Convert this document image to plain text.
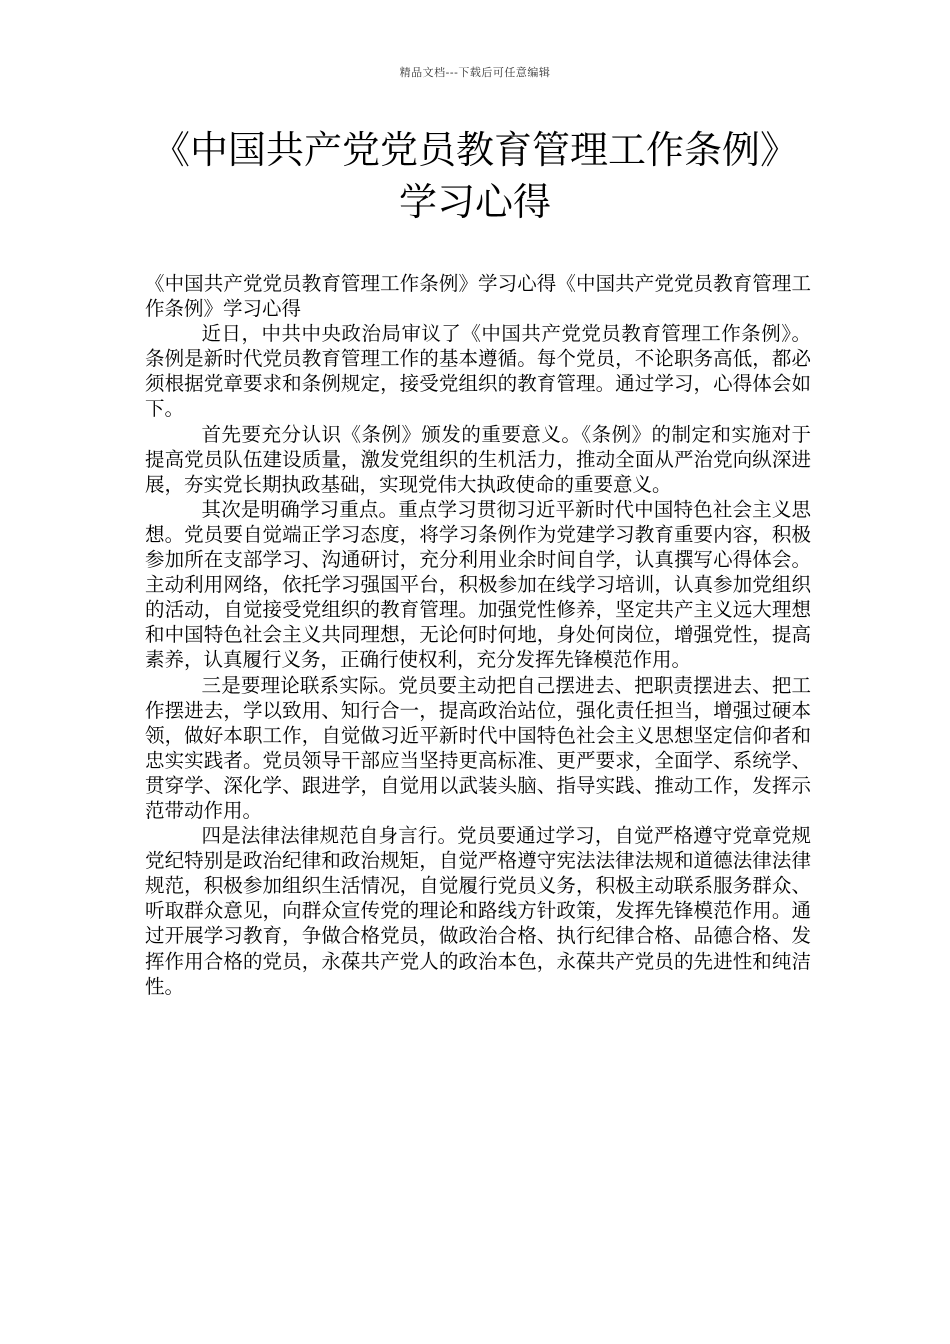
精品文档---下载后可任意编辑
《中国共产党党员教育管理工作条例》
学习心得

《中国共产党党员教育管理工作条例》学习心得《中国共产党党员教育管理工作条例》学习心得

近日，中共中央政治局审议了《中国共产党党员教育管理工作条例》。条例是新时代党员教育管理工作的基本遵循。每个党员，不论职务高低，都必须根据党章要求和条例规定，接受党组织的教育管理。通过学习，心得体会如下。

首先要充分认识《条例》颁发的重要意义。《条例》的制定和实施对于提高党员队伍建设质量，激发党组织的生机活力，推动全面从严治党向纵深进展，夯实党长期执政基础，实现党伟大执政使命的重要意义。

其次是明确学习重点。重点学习贯彻习近平新时代中国特色社会主义思想。党员要自觉端正学习态度，将学习条例作为党建学习教育重要内容，积极参加所在支部学习、沟通研讨，充分利用业余时间自学，认真撰写心得体会。主动利用网络，依托学习强国平台，积极参加在线学习培训，认真参加党组织的活动，自觉接受党组织的教育管理。加强党性修养，坚定共产主义远大理想和中国特色社会主义共同理想，无论何时何地，身处何岗位，增强党性，提高素养，认真履行义务，正确行使权利，充分发挥先锋模范作用。

三是要理论联系实际。党员要主动把自己摆进去、把职责摆进去、把工作摆进去，学以致用、知行合一，提高政治站位，强化责任担当，增强过硬本领，做好本职工作，自觉做习近平新时代中国特色社会主义思想坚定信仰者和忠实实践者。党员领导干部应当坚持更高标准、更严要求，全面学、系统学、贯穿学、深化学、跟进学，自觉用以武装头脑、指导实践、推动工作，发挥示范带动作用。

四是法律法律规范自身言行。党员要通过学习，自觉严格遵守党章党规党纪特别是政治纪律和政治规矩，自觉严格遵守宪法法律法规和道德法律法律规范，积极参加组织生活情况，自觉履行党员义务，积极主动联系服务群众、听取群众意见，向群众宣传党的理论和路线方针政策，发挥先锋模范作用。通过开展学习教育，争做合格党员，做政治合格、执行纪律合格、品德合格、发挥作用合格的党员，永葆共产党人的政治本色，永葆共产党员的先进性和纯洁性。
